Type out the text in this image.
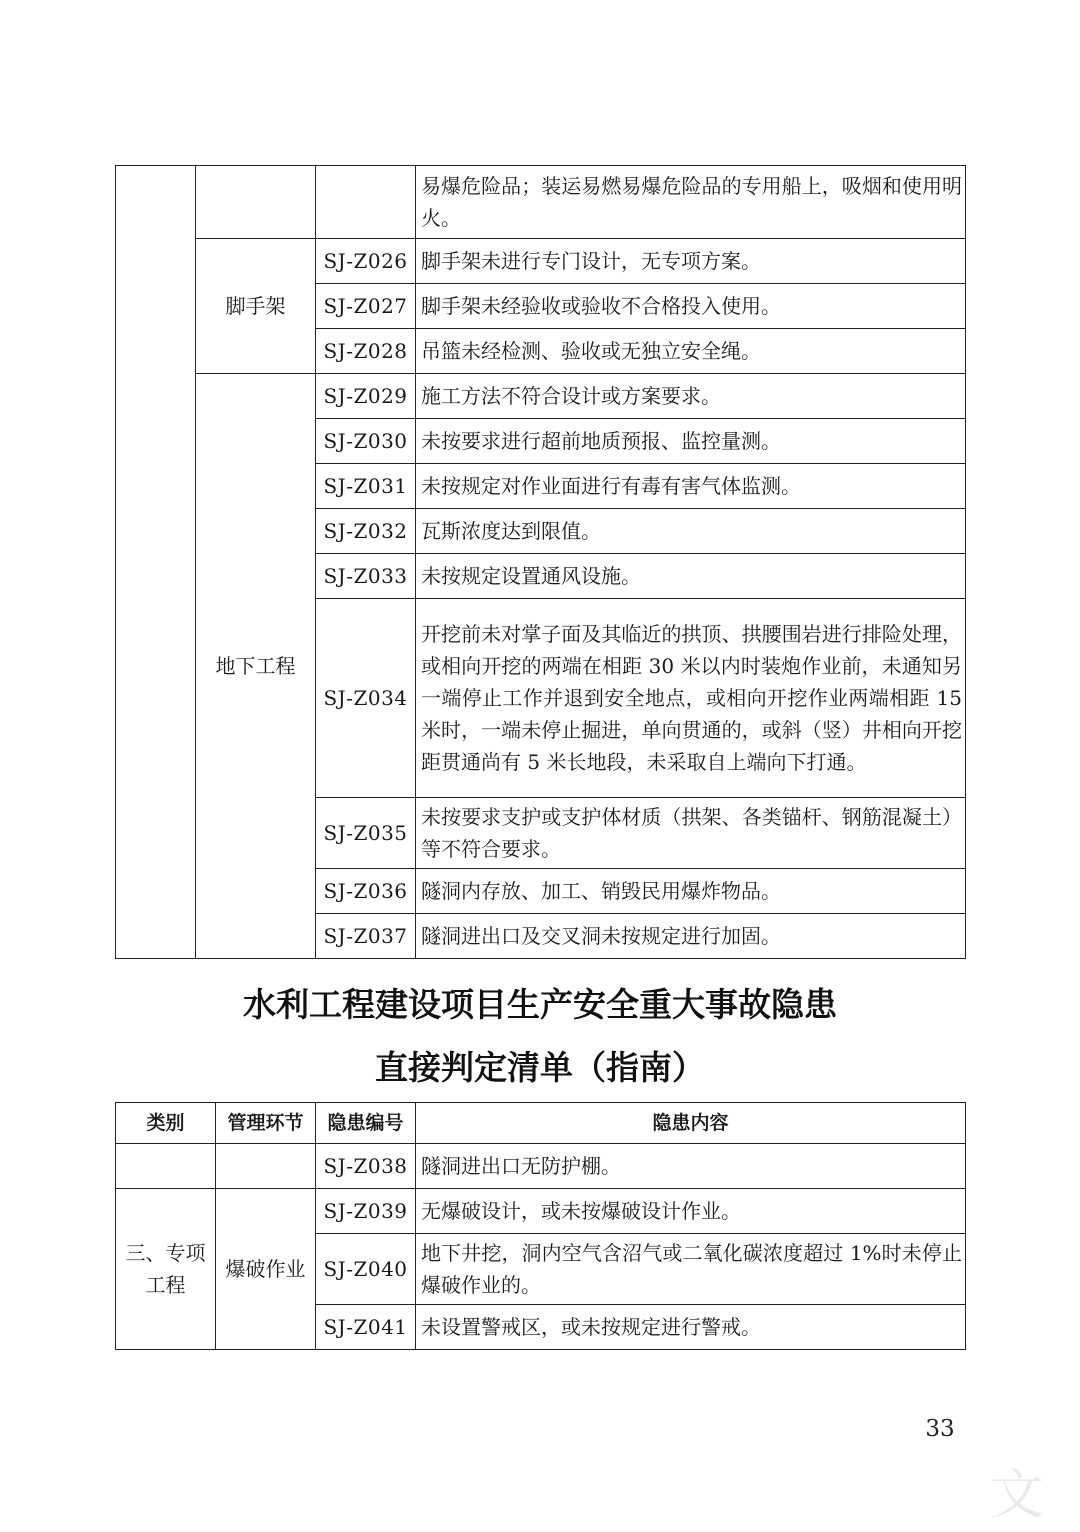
			易爆危险品；装运易燃易爆危险品的专用船上，吸烟和使用明火。
	脚手架	SJ-Z026	脚手架未进行专门设计，无专项方案。
		SJ-Z027	脚手架未经验收或验收不合格投入使用。
		SJ-Z028	吊篮未经检测、验收或无独立安全绳。
	地下工程	SJ-Z029	施工方法不符合设计或方案要求。
		SJ-Z030	未按要求进行超前地质预报、监控量测。
		SJ-Z031	未按规定对作业面进行有毒有害气体监测。
		SJ-Z032	瓦斯浓度达到限值。
		SJ-Z033	未按规定设置通风设施。
		SJ-Z034	开挖前未对掌子面及其临近的拱顶、拱腰围岩进行排险处理，或相向开挖的两端在相距 30 米以内时装炮作业前，未通知另一端停止工作并退到安全地点，或相向开挖作业两端相距 15 米时，一端未停止掘进，单向贯通的，或斜（竖）井相向开挖距贯通尚有 5 米长地段，未采取自上端向下打通。
		SJ-Z035	未按要求支护或支护体材质（拱架、各类锚杆、钢筋混凝土）等不符合要求。
		SJ-Z036	隧洞内存放、加工、销毁民用爆炸物品。
		SJ-Z037	隧洞进出口及交叉洞未按规定进行加固。
水利工程建设项目生产安全重大事故隐患
直接判定清单（指南）
类别	管理环节	隐患编号	隐患内容
		SJ-Z038	隧洞进出口无防护棚。
三、专项工程	爆破作业	SJ-Z039	无爆破设计，或未按爆破设计作业。
		SJ-Z040	地下井挖，洞内空气含沼气或二氧化碳浓度超过 1%时未停止爆破作业的。
		SJ-Z041	未设置警戒区，或未按规定进行警戒。
33
文
